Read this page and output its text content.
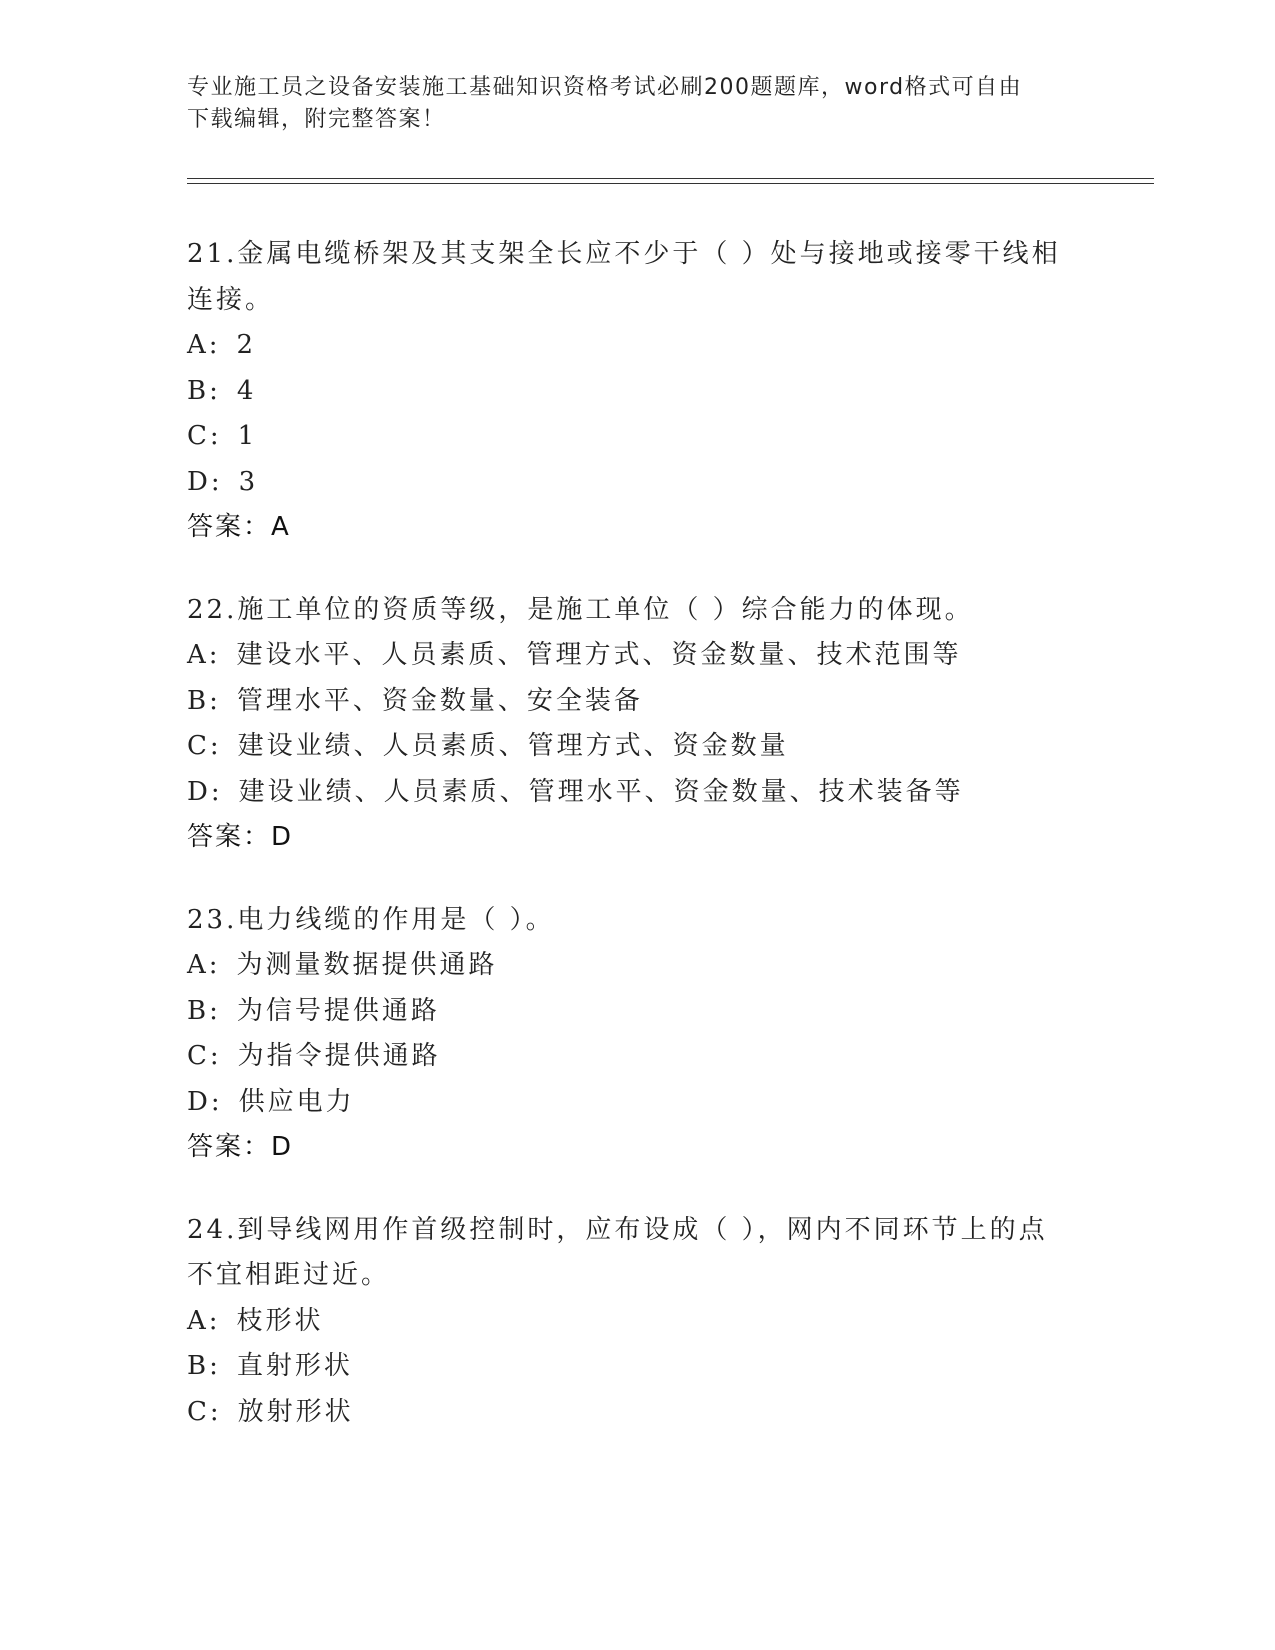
专业施工员之设备安装施工基础知识资格考试必刷200题题库，word格式可自由
下载编辑，附完整答案！
21.金属电缆桥架及其支架全长应不少于（ ）处与接地或接零干线相
连接。
A: 2
B: 4
C: 1
D: 3
答案：A
22.施工单位的资质等级，是施工单位（ ）综合能力的体现。
A: 建设水平、人员素质、管理方式、资金数量、技术范围等
B: 管理水平、资金数量、安全装备
C: 建设业绩、人员素质、管理方式、资金数量
D: 建设业绩、人员素质、管理水平、资金数量、技术装备等
答案：D
23.电力线缆的作用是（ ）。
A: 为测量数据提供通路
B: 为信号提供通路
C: 为指令提供通路
D: 供应电力
答案：D
24.到导线网用作首级控制时，应布设成（ ），网内不同环节上的点
不宜相距过近。
A: 枝形状
B: 直射形状
C: 放射形状
